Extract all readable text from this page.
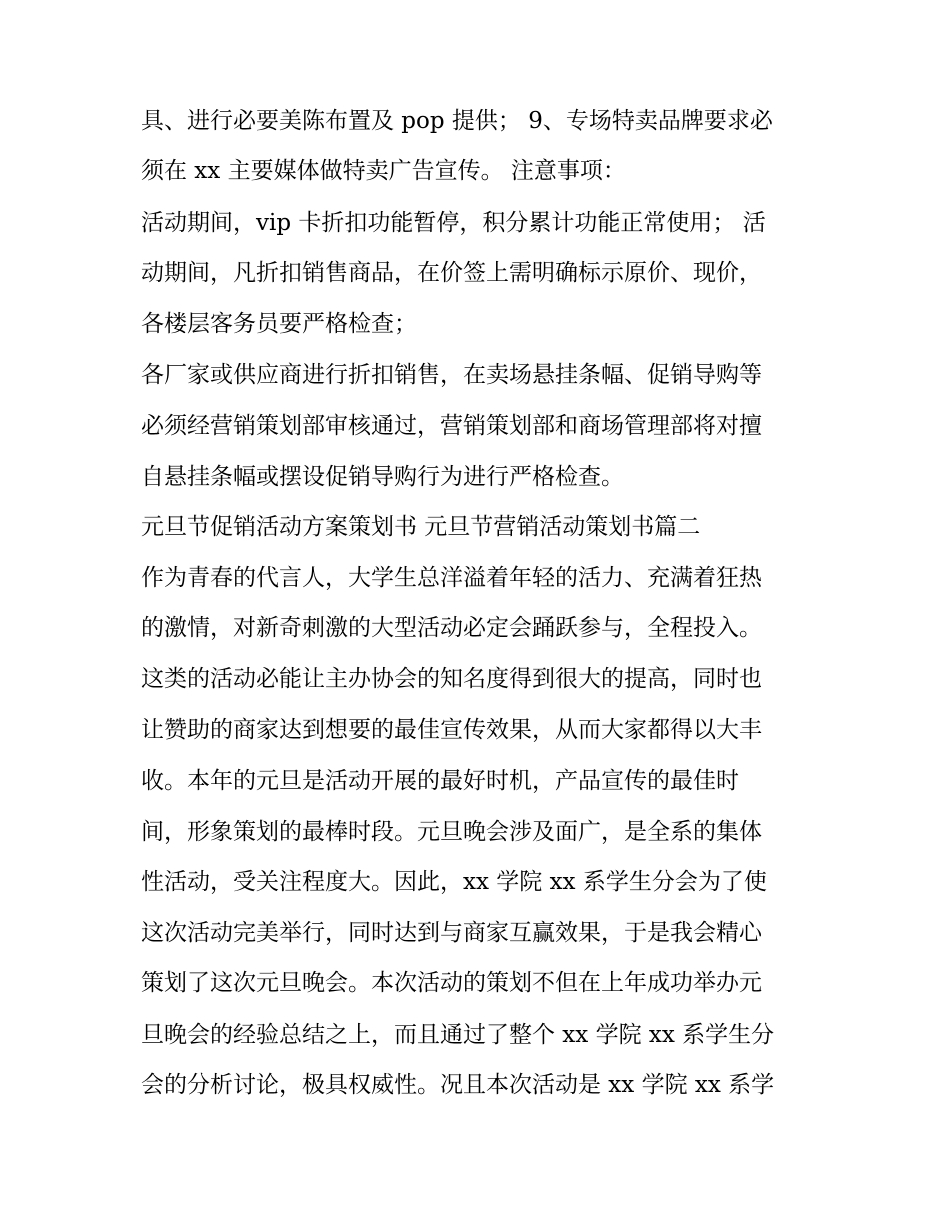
具、进行必要美陈布置及 pop 提供； 9、专场特卖品牌要求必
须在 xx 主要媒体做特卖广告宣传。 注意事项：
活动期间，vip 卡折扣功能暂停，积分累计功能正常使用； 活
动期间，凡折扣销售商品，在价签上需明确标示原价、现价，
各楼层客务员要严格检查；
各厂家或供应商进行折扣销售，在卖场悬挂条幅、促销导购等
必须经营销策划部审核通过，营销策划部和商场管理部将对擅
自悬挂条幅或摆设促销导购行为进行严格检查。
元旦节促销活动方案策划书 元旦节营销活动策划书篇二
作为青春的代言人，大学生总洋溢着年轻的活力、充满着狂热
的激情，对新奇刺激的大型活动必定会踊跃参与，全程投入。
这类的活动必能让主办协会的知名度得到很大的提高，同时也
让赞助的商家达到想要的最佳宣传效果，从而大家都得以大丰
收。本年的元旦是活动开展的最好时机，产品宣传的最佳时
间，形象策划的最棒时段。元旦晚会涉及面广，是全系的集体
性活动，受关注程度大。因此，xx 学院 xx 系学生分会为了使
这次活动完美举行，同时达到与商家互赢效果，于是我会精心
策划了这次元旦晚会。本次活动的策划不但在上年成功举办元
旦晚会的经验总结之上，而且通过了整个 xx 学院 xx 系学生分
会的分析讨论，极具权威性。况且本次活动是 xx 学院 xx 系学
